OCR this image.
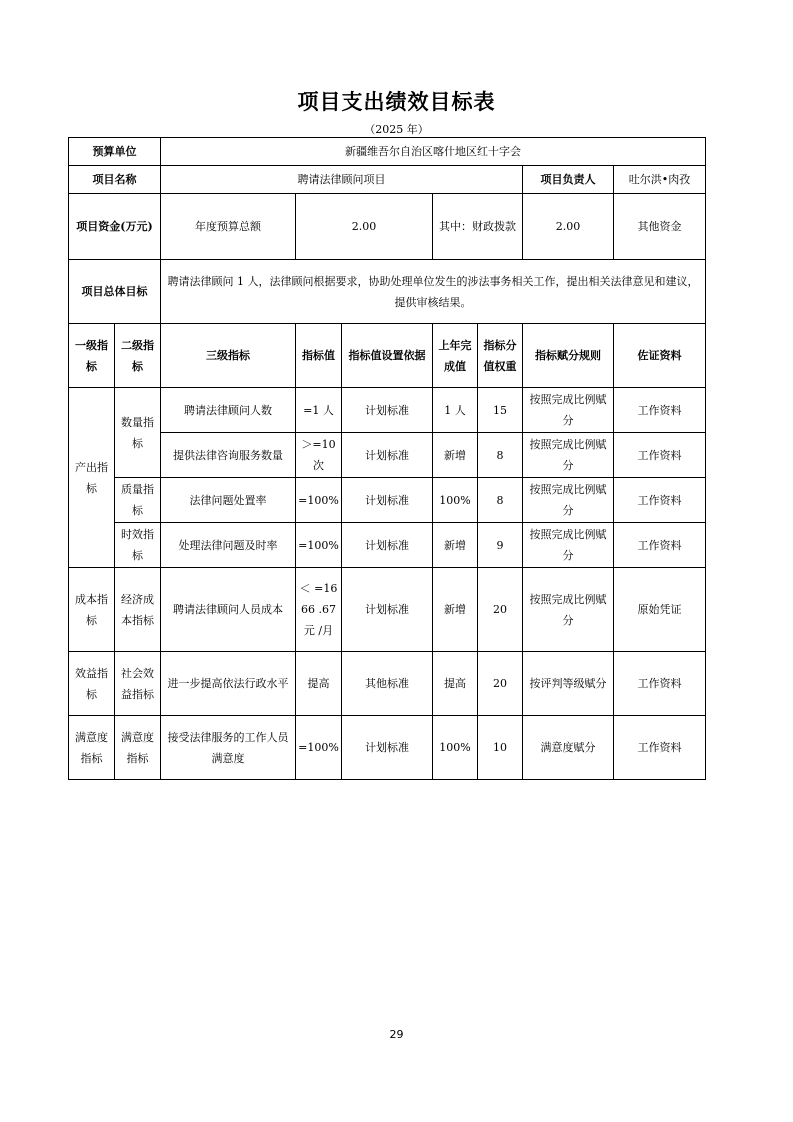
项目支出绩效目标表
（2025 年）
预算单位		新疆维吾尔自治区喀什地区红十字会							
项目名称		聘请法律顾问项目					项目负责人	吐尔洪•肉孜	
项目资金(万元)		年度预算总额	2.00		其中：财政拨款		2.00	其他资金	
项目总体目标		聘请法律顾问 1 人，法律顾问根据要求，协助处理单位发生的涉法事务相关工作，提出相关法律意见和建议，提供审核结果。							
一级指标	二级指标	三级指标	指标值	指标值设置依据	上年完成值	指标分值权重	指标赋分规则	佐证资料	
产出指标	数量指标	聘请法律顾问人数	=1 人	计划标准	1 人	15	按照完成比例赋分	工作资料	
		提供法律咨询服务数量	＞=10 次	计划标准	新增	8	按照完成比例赋分	工作资料	
	质量指标	法律问题处置率	=100%	计划标准	100%	8	按照完成比例赋分	工作资料	
	时效指标	处理法律问题及时率	=100%	计划标准	新增	9	按照完成比例赋分	工作资料	
成本指标	经济成本指标	聘请法律顾问人员成本	＜ =1666 .67 元 /月	计划标准	新增	20	按照完成比例赋分	原始凭证	
效益指标	社会效益指标	进一步提高依法行政水平	提高	其他标准	提高	20	按评判等级赋分	工作资料	
满意度指标	满意度指标	接受法律服务的工作人员满意度	=100%	计划标准	100%	10	满意度赋分	工作资料	
29
